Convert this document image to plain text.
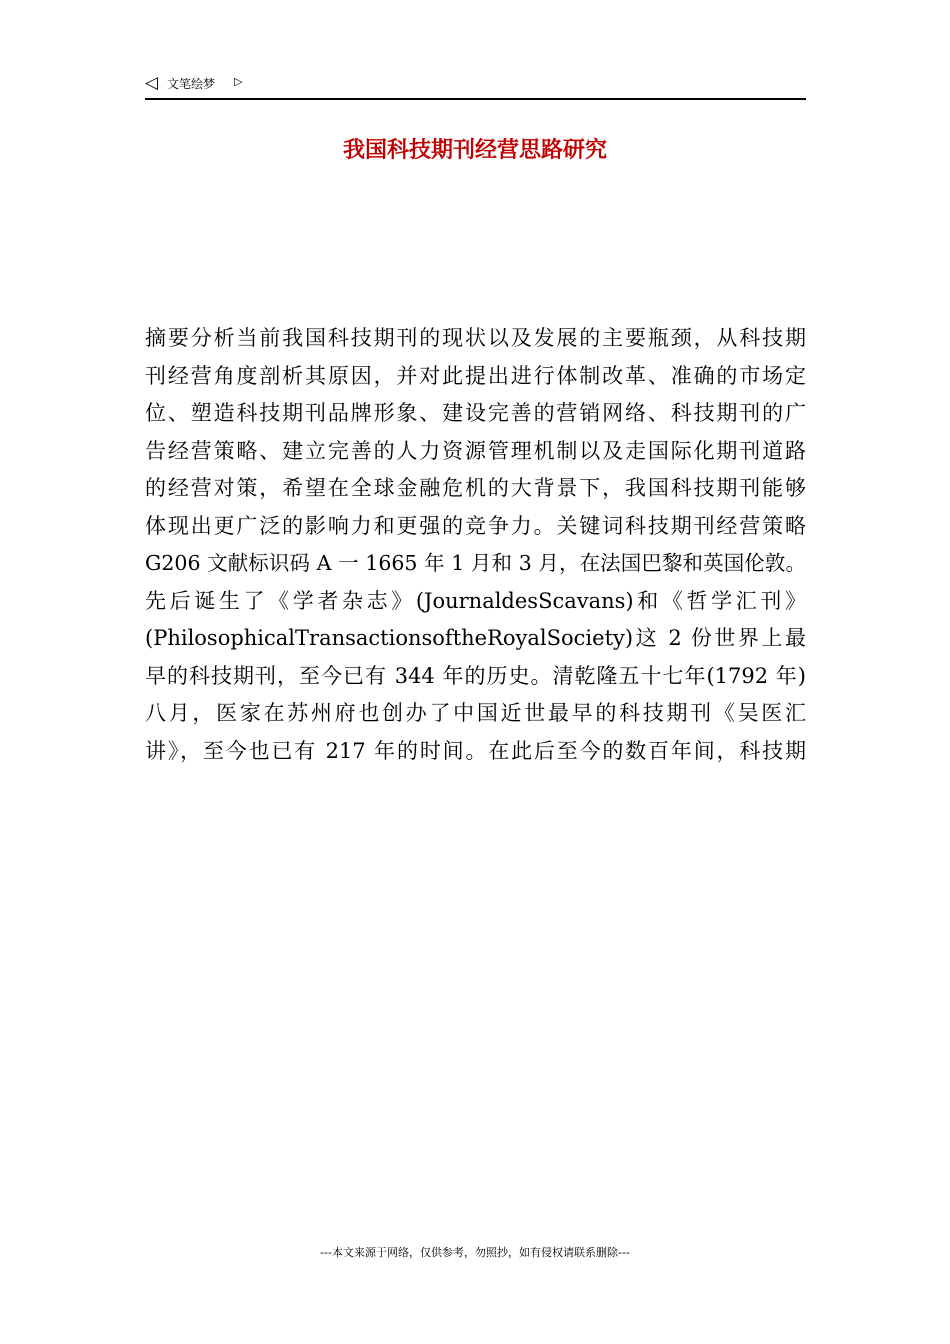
◁ 文笔绘梦 ▷
我国科技期刊经营思路研究
摘要分析当前我国科技期刊的现状以及发展的主要瓶颈，从科技期
刊经营角度剖析其原因，并对此提出进行体制改革、准确的市场定
位、塑造科技期刊品牌形象、建设完善的营销网络、科技期刊的广
告经营策略、建立完善的人力资源管理机制以及走国际化期刊道路
的经营对策，希望在全球金融危机的大背景下，我国科技期刊能够
体现出更广泛的影响力和更强的竞争力。关键词科技期刊经营策略
G206 文献标识码 A 一 1665 年 1 月和 3 月，在法国巴黎和英国伦敦。
先后诞生了《学者杂志》(JournaldesScavans)和《哲学汇刊》
(PhilosophicalTransactionsoftheRoyalSociety)这 2 份世界上最
早的科技期刊，至今已有 344 年的历史。清乾隆五十七年(1792 年)
八月，医家在苏州府也创办了中国近世最早的科技期刊《吴医汇
讲》，至今也已有 217 年的时间。在此后至今的数百年间，科技期
---本文来源于网络，仅供参考，勿照抄，如有侵权请联系删除---
